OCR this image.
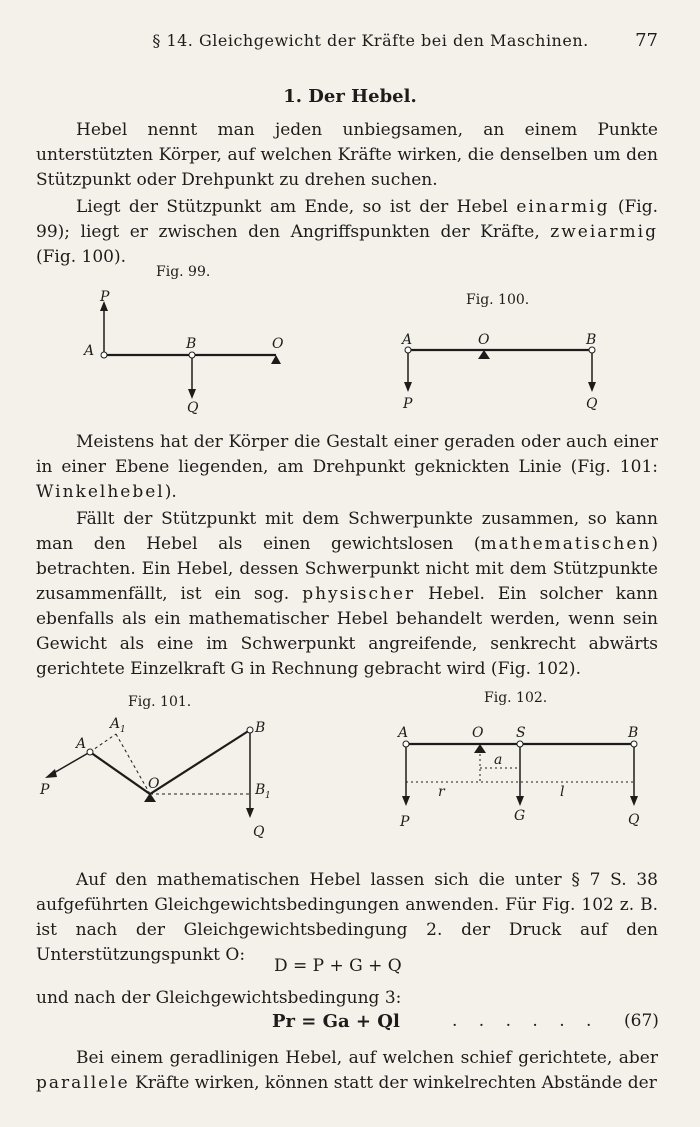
§ 14. Gleichgewicht der Kräfte bei den Maschinen.	77
1. Der Hebel.

Hebel nennt man jeden unbiegsamen, an einem Punkte unterstützten Körper, auf welchen Kräfte wirken, die denselben um den Stützpunkt oder Drehpunkt zu drehen suchen.

Liegt der Stützpunkt am Ende, so ist der Hebel einarmig (Fig. 99); liegt er zwischen den Angriffspunkten der Kräfte, zweiarmig (Fig. 100).

Fig. 99.
A	B	O
P
Q
Fig. 100.
A	O	B
P	Q

Meistens hat der Körper die Gestalt einer geraden oder auch einer in einer Ebene liegenden, am Drehpunkt geknickten Linie (Fig. 101: Winkelhebel).

Fällt der Stützpunkt mit dem Schwerpunkte zusammen, so kann man den Hebel als einen gewichtslosen (mathematischen) betrachten. Ein Hebel, dessen Schwerpunkt nicht mit dem Stützpunkte zusammenfällt, ist ein sog. physischer Hebel. Ein solcher kann ebenfalls als ein mathematischer Hebel behandelt werden, wenn sein Gewicht als eine im Schwerpunkt angreifende, senkrecht abwärts gerichtete Einzelkraft G in Rechnung gebracht wird (Fig. 102).

Fig. 101.
A
A 1	B
B 1
O
P
Q
Fig. 102.
A	O S	B
a
r	l
P	G	Q

Auf den mathematischen Hebel lassen sich die unter § 7 S. 38 aufgeführten Gleichgewichtsbedingungen anwenden. Für Fig. 102 z. B. ist nach der Gleichgewichtsbedingung 2. der Druck auf den Unterstützungspunkt O:

D = P + G + Q

und nach der Gleichgewichtsbedingung 3:

Pr = Ga + Ql	. . . . . . (67)

Bei einem geradlinigen Hebel, auf welchen schief gerichtete, aber parallele Kräfte wirken, können statt der winkelrechten Abstände der
